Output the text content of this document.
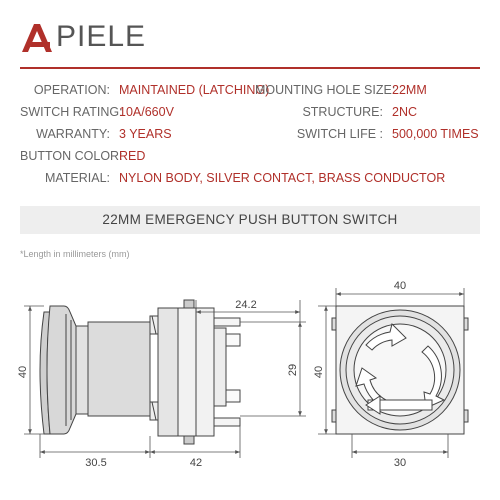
PIELE
OPERATION: MAINTAINED (LATCHING)
SWITCH RATING:
10A/660V
WARRANTY: 3 YEARS
BUTTON COLOR:
RED
MATERIAL: NYLON BODY, SILVER CONTACT, BRASS CONDUCTOR
MOUNTING HOLE SIZE:
22MM
STRUCTURE: 2NC
SWITCH LIFE : 500,000 TIMES
22MM EMERGENCY PUSH BUTTON SWITCH
*Length in millimeters (mm)
40
30.5	42
24.2
29
40
40
30
